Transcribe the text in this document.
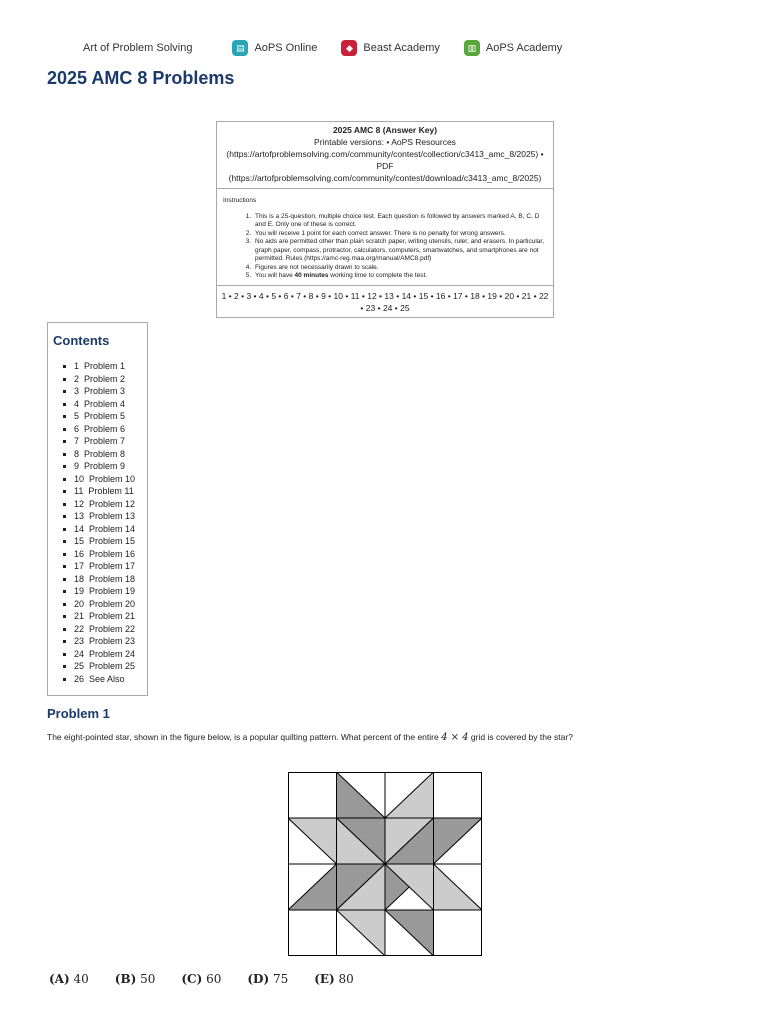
Art of Problem Solving	▤ AoPS Online	◆ Beast Academy	▥ AoPS Academy
2025 AMC 8 Problems
2025 AMC 8 (Answer Key)
Printable versions: • AoPS Resources (https://artofproblemsolving.com/community/contest/collection/c3413_amc_8/2025) • PDF (https://artofproblemsolving.com/community/contest/download/c3413_amc_8/2025)
Instructions
1. This is a 25-question, multiple choice test. Each question is followed by answers marked A, B, C, D and E. Only one of these is correct.
2. You will receive 1 point for each correct answer. There is no penalty for wrong answers.
3. No aids are permitted other than plain scratch paper, writing utensils, ruler, and erasers. In particular, graph paper, compass, protractor, calculators, computers, smartwatches, and smartphones are not permitted. Rules (https://amc-reg.maa.org/manual/AMC8.pdf)
4. Figures are not necessarily drawn to scale.
5. You will have 40 minutes working time to complete the test.
1 • 2 • 3 • 4 • 5 • 6 • 7 • 8 • 9 • 10 • 11 • 12 • 13 • 14 • 15 • 16 • 17 • 18 • 19 • 20 • 21 • 22 • 23 • 24 • 25
Contents
1 Problem 1
2 Problem 2
3 Problem 3
4 Problem 4
5 Problem 5
6 Problem 6
7 Problem 7
8 Problem 8
9 Problem 9
10 Problem 10
11 Problem 11
12 Problem 12
13 Problem 13
14 Problem 14
15 Problem 15
16 Problem 16
17 Problem 17
18 Problem 18
19 Problem 19
20 Problem 20
21 Problem 21
22 Problem 22
23 Problem 23
24 Problem 24
25 Problem 25
26 See Also
Problem 1

The eight-pointed star, shown in the figure below, is a popular quilting pattern. What percent of the entire 4 × 4 grid is covered by the star?

(A) 40 (B) 50 (C) 60 (D) 75 (E) 80
